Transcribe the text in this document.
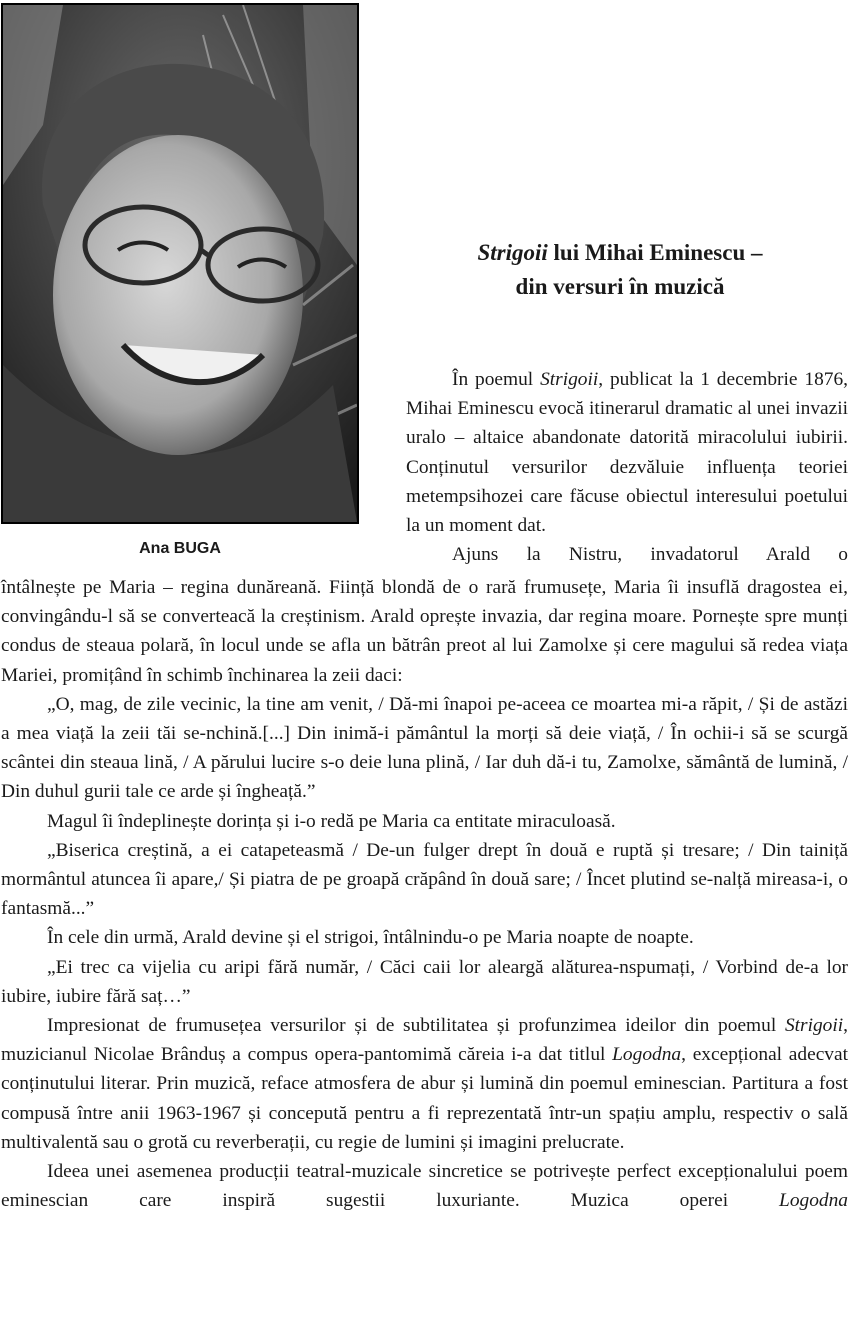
Ana BUGA
Strigoii lui Mihai Eminescu –
din versuri în muzică

În poemul Strigoii, publicat la 1 decembrie 1876, Mihai Eminescu evocă itinerarul dramatic al unei invazii uralo – altaice abandonate datorită miracolului iubirii. Conținutul versurilor dezvăluie influența teoriei metempsihozei care făcuse obiectul interesului poetului la un moment dat.

Ajuns la Nistru, invadatorul Arald o

întâlnește pe Maria – regina dunăreană. Ființă blondă de o rară frumusețe, Maria îi insuflă dragostea ei, convingându-l să se converteacă la creștinism. Arald oprește invazia, dar regina moare. Pornește spre munți condus de steaua polară, în locul unde se afla un bătrân preot al lui Zamolxe și cere magului să redea viața Mariei, promițând în schimb închinarea la zeii daci:

„O, mag, de zile vecinic, la tine am venit, / Dă-mi înapoi pe-aceea ce moartea mi-a răpit, / Și de astăzi a mea viață la zeii tăi se-nchină.[...] Din inimă-i pământul la morți să deie viață, / În ochii-i să se scurgă scântei din steaua lină, / A părului lucire s-o deie luna plină, / Iar duh dă-i tu, Zamolxe, sământă de lumină, / Din duhul gurii tale ce arde și îngheață.”

Magul îi îndeplinește dorința și i-o redă pe Maria ca entitate miraculoasă.

„Biserica creștină, a ei catapeteasmă / De-un fulger drept în două e ruptă și tresare; / Din tainiță mormântul atuncea îi apare,/ Și piatra de pe groapă crăpând în două sare; / Încet plutind se-nalță mireasa-i, o fantasmă...”

În cele din urmă, Arald devine și el strigoi, întâlnindu-o pe Maria noapte de noapte.

„Ei trec ca vijelia cu aripi fără număr, / Căci caii lor aleargă alăturea-nspumați, / Vorbind de-a lor iubire, iubire fără saț…”

Impresionat de frumusețea versurilor și de subtilitatea și profunzimea ideilor din poemul Strigoii, muzicianul Nicolae Brânduș a compus opera-pantomimă căreia i-a dat titlul Logodna, excepțional adecvat conținutului literar. Prin muzică, reface atmosfera de abur și lumină din poemul eminescian. Partitura a fost compusă între anii 1963-1967 și concepută pentru a fi reprezentată într-un spațiu amplu, respectiv o sală multivalentă sau o grotă cu reverberații, cu regie de lumini și imagini prelucrate.

Ideea unei asemenea producții teatral-muzicale sincretice se potrivește perfect excepționalului poem eminescian care inspiră sugestii luxuriante. Muzica operei Logodna
